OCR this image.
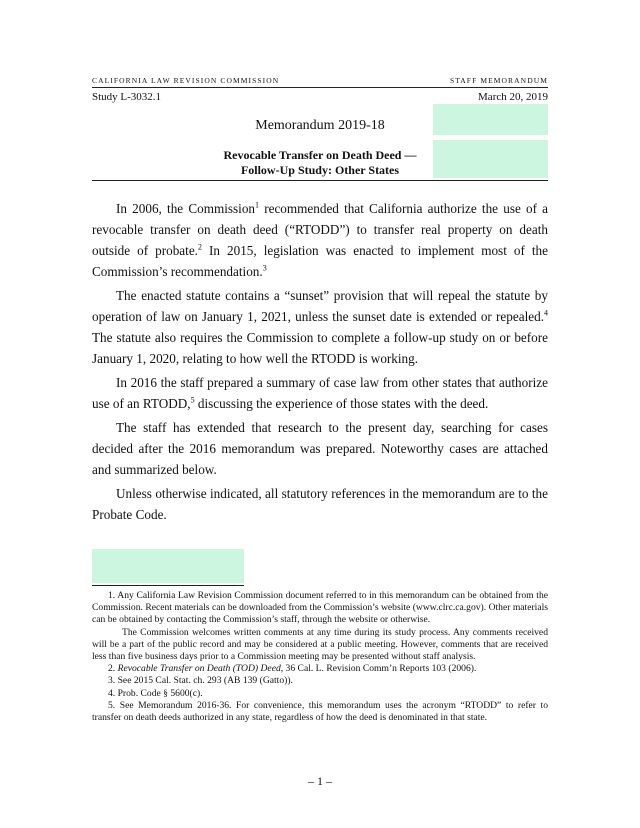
CALIFORNIA LAW REVISION COMMISSION	STAFF MEMORANDUM
Study L-3032.1	March 20, 2019
Memorandum 2019-18
Revocable Transfer on Death Deed —
Follow-Up Study: Other States

In 2006, the Commission$^1$ recommended that California authorize the use of a revocable transfer on death deed (“RTODD”) to transfer real property on death outside of probate.$^2$ In 2015, legislation was enacted to implement most of the Commission’s recommendation.$^3$

The enacted statute contains a “sunset” provision that will repeal the statute by operation of law on January 1, 2021, unless the sunset date is extended or repealed.$^4$ The statute also requires the Commission to complete a follow-up study on or before January 1, 2020, relating to how well the RTODD is working.

In 2016 the staff prepared a summary of case law from other states that authorize use of an RTODD,$^5$ discussing the experience of those states with the deed.

The staff has extended that research to the present day, searching for cases decided after the 2016 memorandum was prepared. Noteworthy cases are attached and summarized below.

Unless otherwise indicated, all statutory references in the memorandum are to the Probate Code.

1. Any California Law Revision Commission document referred to in this memorandum can be obtained from the Commission. Recent materials can be downloaded from the Commission’s website (www.clrc.ca.gov). Other materials can be obtained by contacting the Commission’s staff, through the website or otherwise.

The Commission welcomes written comments at any time during its study process. Any comments received will be a part of the public record and may be considered at a public meeting. However, comments that are received less than five business days prior to a Commission meeting may be presented without staff analysis.

2. Revocable Transfer on Death (TOD) Deed, 36 Cal. L. Revision Comm’n Reports 103 (2006).

3. See 2015 Cal. Stat. ch. 293 (AB 139 (Gatto)).

4. Prob. Code § 5600(c).

5. See Memorandum 2016-36. For convenience, this memorandum uses the acronym “RTODD” to refer to transfer on death deeds authorized in any state, regardless of how the deed is denominated in that state.

– 1 –
